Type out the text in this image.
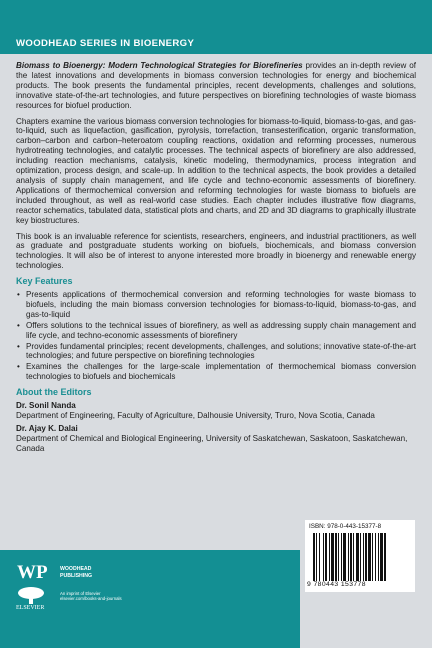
WOODHEAD SERIES IN BIOENERGY

Biomass to Bioenergy: Modern Technological Strategies for Biorefineries provides an in-depth review of the latest innovations and developments in biomass conversion technologies for energy and biochemical products. The book presents the fundamental principles, recent developments, challenges and solutions, innovative state-of-the-art technologies, and future perspectives on biorefining technologies of waste biomass resources for biofuel production.

Chapters examine the various biomass conversion technologies for biomass-to-liquid, biomass-to-gas, and gas-to-liquid, such as liquefaction, gasification, pyrolysis, torrefaction, transesterification, organic transformation, carbon–carbon and carbon–heteroatom coupling reactions, oxidation and reforming processes, numerous hydrotreating technologies, and catalytic processes. The technical aspects of biorefinery are also addressed, including reaction mechanisms, catalysis, kinetic modeling, thermodynamics, process integration and optimization, process design, and scale-up. In addition to the technical aspects, the book provides a detailed analysis of supply chain management, and life cycle and techno-economic assessments of biorefinery. Applications of thermochemical conversion and reforming technologies for waste biomass to biofuels are included throughout, as well as real-world case studies. Each chapter includes illustrative flow diagrams, reactor schematics, tabulated data, statistical plots and charts, and 2D and 3D diagrams to graphically illustrate key biostructures.

This book is an invaluable reference for scientists, researchers, engineers, and industrial practitioners, as well as graduate and postgraduate students working on biofuels, biochemicals, and biomass conversion technologies. It will also be of interest to anyone interested more broadly in bioenergy and renewable energy technologies.

Key Features
• Presents applications of thermochemical conversion and reforming technologies for waste biomass to biofuels, including the main biomass conversion technologies for biomass-to-liquid, biomass-to-gas, and gas-to-liquid
• Offers solutions to the technical issues of biorefinery, as well as addressing supply chain management and life cycle, and techno-economic assessments of biorefinery
• Provides fundamental principles; recent developments, challenges, and solutions; innovative state-of-the-art technologies; and future perspective on biorefining technologies
• Examines the challenges for the large-scale implementation of thermochemical biomass conversion technologies to biofuels and biochemicals
About the Editors
Dr. Sonil Nanda
Department of Engineering, Faculty of Agriculture, Dalhousie University, Truro, Nova Scotia, Canada
Dr. Ajay K. Dalai
Department of Chemical and Biological Engineering, University of Saskatchewan, Saskatoon, Saskatchewan, Canada
WP WOODHEAD
PUBLISHING
An imprint of Elsevier
elsevier.com/books-and-journals
ELSEVIER
ISBN: 978-0-443-15377-8
9 780443 153778
